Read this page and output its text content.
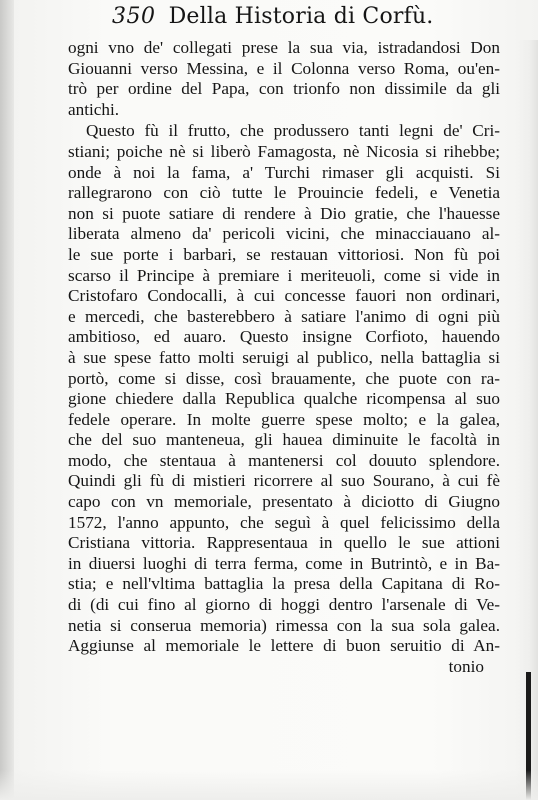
350 Della Historia di Corfù.
ogni vno de' collegati prese la sua via, istradandosi Don
Giouanni verso Messina, e il Colonna verso Roma, ou'en-
trò per ordine del Papa, con trionfo non dissimile da gli
antichi.
Questo fù il frutto, che produssero tanti legni de' Cri-
stiani; poiche nè si liberò Famagosta, nè Nicosia si rihebbe;
onde à noi la fama, a' Turchi rimaser gli acquisti. Si
rallegrarono con ciò tutte le Prouincie fedeli, e Venetia
non si puote satiare di rendere à Dio gratie, che l'hauesse
liberata almeno da' pericoli vicini, che minacciauano al-
le sue porte i barbari, se restauan vittoriosi. Non fù poi
scarso il Principe à premiare i meriteuoli, come si vide in
Cristofaro Condocalli, à cui concesse fauori non ordinari,
e mercedi, che basterebbero à satiare l'animo di ogni più
ambitioso, ed auaro. Questo insigne Corfioto, hauendo
à sue spese fatto molti seruigi al publico, nella battaglia si
portò, come si disse, così brauamente, che puote con ra-
gione chiedere dalla Republica qualche ricompensa al suo
fedele operare. In molte guerre spese molto; e la galea,
che del suo manteneua, gli hauea diminuite le facoltà in
modo, che stentaua à mantenersi col douuto splendore.
Quindi gli fù di mistieri ricorrere al suo Sourano, à cui fè
capo con vn memoriale, presentato à diciotto di Giugno
1572, l'anno appunto, che seguì à quel felicissimo della
Cristiana vittoria. Rappresentaua in quello le sue attioni
in diuersi luoghi di terra ferma, come in Butrintò, e in Ba-
stia; e nell'vltima battaglia la presa della Capitana di Ro-
di (di cui fino al giorno di hoggi dentro l'arsenale di Ve-
netia si conserua memoria) rimessa con la sua sola galea.
Aggiunse al memoriale le lettere di buon seruitio di An-
tonio
